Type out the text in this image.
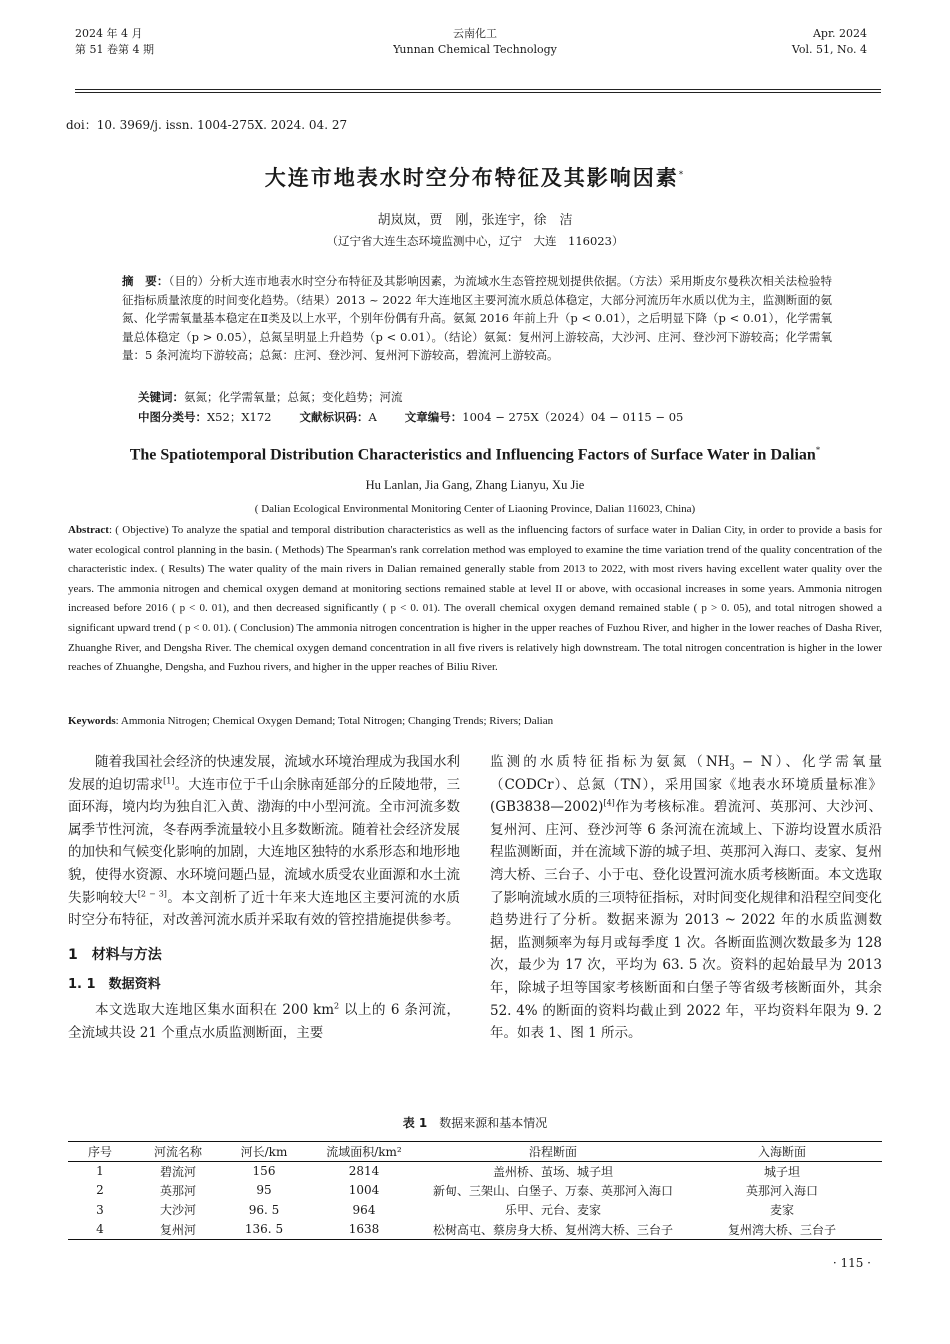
2024 年 4 月
第 51 卷第 4 期
云南化工
Yunnan Chemical Technology
Apr. 2024
Vol. 51, No. 4
doi：10. 3969/j. issn. 1004-275X. 2024. 04. 27
大连市地表水时空分布特征及其影响因素*
胡岚岚，贾　刚，张连宇，徐　洁
（辽宁省大连生态环境监测中心，辽宁　大连　116023）
摘　要：（目的）分析大连市地表水时空分布特征及其影响因素，为流域水生态管控规划提供依据。（方法）采用斯皮尔曼秩次相关法检验特征指标质量浓度的时间变化趋势。（结果）2013 ~ 2022 年大连地区主要河流水质总体稳定，大部分河流历年水质以优为主，监测断面的氨氮、化学需氧量基本稳定在Ⅱ类及以上水平，个别年份偶有升高。氨氮 2016 年前上升（p < 0.01），之后明显下降（p < 0.01），化学需氧量总体稳定（p > 0.05），总氮呈明显上升趋势（p < 0.01）。（结论）氨氮：复州河上游较高，大沙河、庄河、登沙河下游较高；化学需氧量：5 条河流均下游较高；总氮：庄河、登沙河、复州河下游较高，碧流河上游较高。
关键词：氨氮；化学需氧量；总氮；变化趋势；河流
中图分类号：X52；X172 文献标识码：A 文章编号：1004 − 275X（2024）04 − 0115 − 05
The Spatiotemporal Distribution Characteristics and Influencing Factors of Surface Water in Dalian*
Hu Lanlan, Jia Gang, Zhang Lianyu, Xu Jie
( Dalian Ecological Environmental Monitoring Center of Liaoning Province, Dalian 116023, China)
Abstract: ( Objective) To analyze the spatial and temporal distribution characteristics as well as the influencing factors of surface water in Dalian City, in order to provide a basis for water ecological control planning in the basin. ( Methods) The Spearman's rank correlation method was employed to examine the time variation trend of the quality concentration of the characteristic index. ( Results) The water quality of the main rivers in Dalian remained generally stable from 2013 to 2022, with most rivers having excellent water quality over the years. The ammonia nitrogen and chemical oxygen demand at monitoring sections remained stable at level II or above, with occasional increases in some years. Ammonia nitrogen increased before 2016 ( p < 0. 01), and then decreased significantly ( p < 0. 01). The overall chemical oxygen demand remained stable ( p > 0. 05), and total nitrogen showed a significant upward trend ( p < 0. 01). ( Conclusion) The ammonia nitrogen concentration is higher in the upper reaches of Fuzhou River, and higher in the lower reaches of Dasha River, Zhuanghe River, and Dengsha River. The chemical oxygen demand concentration in all five rivers is relatively high downstream. The total nitrogen concentration is higher in the lower reaches of Zhuanghe, Dengsha, and Fuzhou rivers, and higher in the upper reaches of Biliu River.
Keywords: Ammonia Nitrogen; Chemical Oxygen Demand; Total Nitrogen; Changing Trends; Rivers; Dalian

随着我国社会经济的快速发展，流域水环境治理成为我国水利发展的迫切需求[1]。大连市位于千山余脉南延部分的丘陵地带，三面环海，境内均为独自汇入黄、渤海的中小型河流。全市河流多数属季节性河流，冬春两季流量较小且多数断流。随着社会经济发展的加快和气候变化影响的加剧，大连地区独特的水系形态和地形地貌，使得水资源、水环境问题凸显，流域水质受农业面源和水土流失影响较大[2 − 3]。本文剖析了近十年来大连地区主要河流的水质时空分布特征，对改善河流水质并采取有效的管控措施提供参考。

1　 材料与方法
1. 1　 数据资料

本文选取大连地区集水面积在 200 $km^2$ 以上的 6 条河流，全流域共设 21 个重点水质监测断面，主要

监测的水质特征指标为氨氮$(NH_3 - N)$、化学需氧量（CODCr）、总氮（TN），采用国家《地表水环境质量标准》(GB3838—2002)[4]作为考核标准。碧流河、英那河、大沙河、复州河、庄河、登沙河等 6 条河流在流域上、下游均设置水质沿程监测断面，并在流域下游的城子坦、英那河入海口、麦家、复州湾大桥、三台子、小于屯、登化设置河流水质考核断面。本文选取了影响流域水质的三项特征指标，对时间变化规律和沿程空间变化趋势进行了分析。数据来源为 2013 ~ 2022 年的水质监测数据，监测频率为每月或每季度 1 次。各断面监测次数最多为 128 次，最少为 17 次，平均为 63. 5 次。资料的起始最早为 2013 年，除城子坦等国家考核断面和白堡子等省级考核断面外，其余 52. 4% 的断面的资料均截止到 2022 年，平均资料年限为 9. 2 年。如表 1、图 1 所示。

表 1　 数据来源和基本情况
序号	河流名称	河长/km	流域面积/km²	沿程断面	入海断面
1	碧流河	156	2814	盖州桥、茧场、城子坦	城子坦
2	英那河	95	1004	新甸、三架山、白堡子、万泰、英那河入海口	英那河入海口
3	大沙河	96. 5	964	乐甲、元台、麦家	麦家
4	复州河	136. 5	1638	松树高屯、蔡房身大桥、复州湾大桥、三台子	复州湾大桥、三台子
· 115 ·
